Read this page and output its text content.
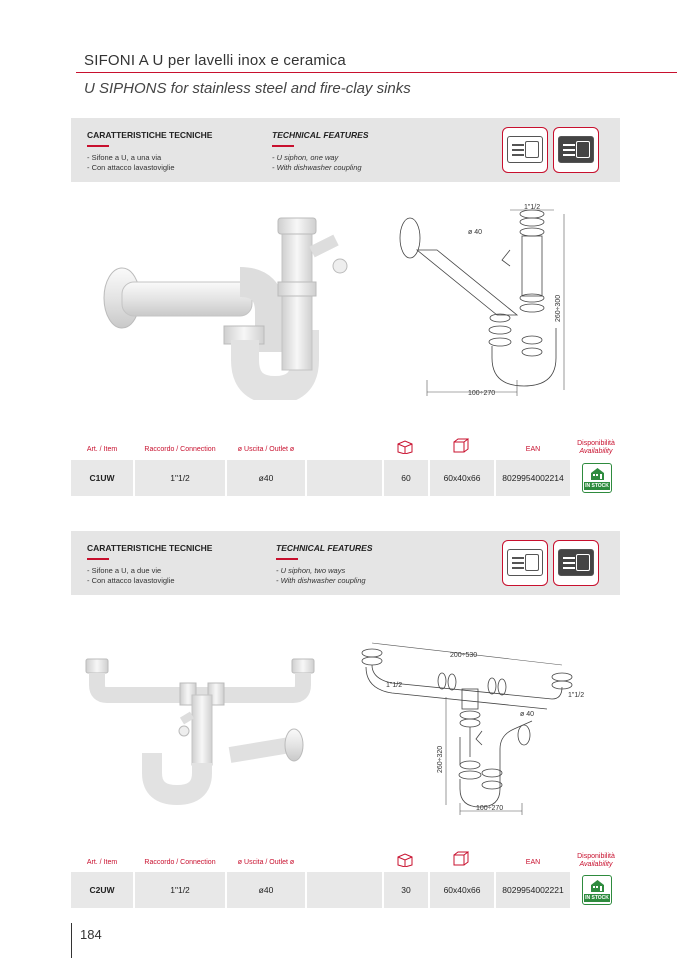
SIFONI A U per lavelli inox e ceramica
U SIPHONS for stainless steel and fire-clay sinks
CARATTERISTICHE TECNICHE
- Sifone a U, a una via
- Con attacco lavastoviglie
TECHNICAL FEATURES
- U siphon, one way
- With dishwasher coupling
1"1/2
ø 40
260÷300
100÷270
Art. / Item	Raccordo / Connection	ø Uscita / Outlet ø	EAN
Disponibilità
Availability
C1UW	1"1/2	ø40	60	60x40x66	8029954002214
IN STOCK
CARATTERISTICHE TECNICHE
- Sifone a U, a due vie
- Con attacco lavastoviglie
TECHNICAL FEATURES
- U siphon, two ways
- With dishwasher coupling
200÷530
1"1/2
1"1/2
ø 40
260÷320
100÷270
Art. / Item	Raccordo / Connection	ø Uscita / Outlet ø	EAN
Disponibilità
Availability
C2UW	1"1/2	ø40	30	60x40x66	8029954002221
IN STOCK
184
